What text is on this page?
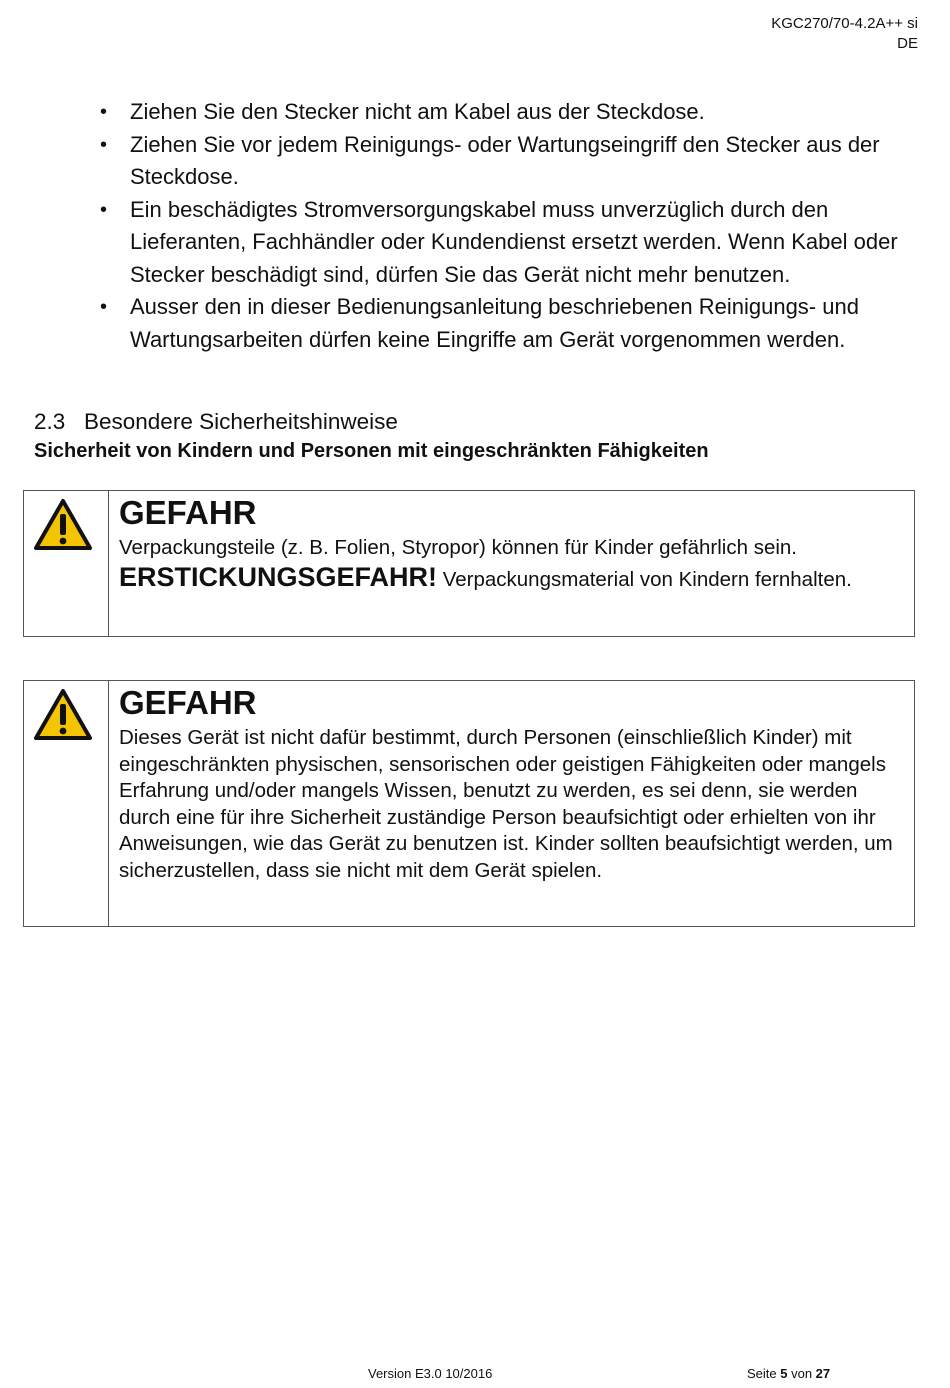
KGC270/70-4.2A++ si
DE
• Ziehen Sie den Stecker nicht am Kabel aus der Steckdose.
• Ziehen Sie vor jedem Reinigungs- oder Wartungseingriff den Stecker aus der Steckdose.
• Ein beschädigtes Stromversorgungskabel muss unverzüglich durch den Lieferanten, Fachhändler oder Kundendienst ersetzt werden. Wenn Kabel oder Stecker beschädigt sind, dürfen Sie das Gerät nicht mehr benutzen.
• Ausser den in dieser Bedienungsanleitung beschriebenen Reinigungs- und Wartungsarbeiten dürfen keine Eingriffe am Gerät vorgenommen werden.
2.3 Besondere Sicherheitshinweise
Sicherheit von Kindern und Personen mit eingeschränkten Fähigkeiten
GEFAHR
Verpackungsteile (z. B. Folien, Styropor) können für Kinder gefährlich sein.
ERSTICKUNGSGEFAHR! Verpackungsmaterial von Kindern fernhalten.
GEFAHR
Dieses Gerät ist nicht dafür bestimmt, durch Personen (einschließlich Kinder) mit eingeschränkten physischen, sensorischen oder geistigen Fähigkeiten oder mangels Erfahrung und/oder mangels Wissen, benutzt zu werden, es sei denn, sie werden durch eine für ihre Sicherheit zuständige Person beaufsichtigt oder erhielten von ihr Anweisungen, wie das Gerät zu benutzen ist. Kinder sollten beaufsichtigt werden, um sicherzustellen, dass sie nicht mit dem Gerät spielen.
Version E3.0 10/2016	Seite 5 von 27
